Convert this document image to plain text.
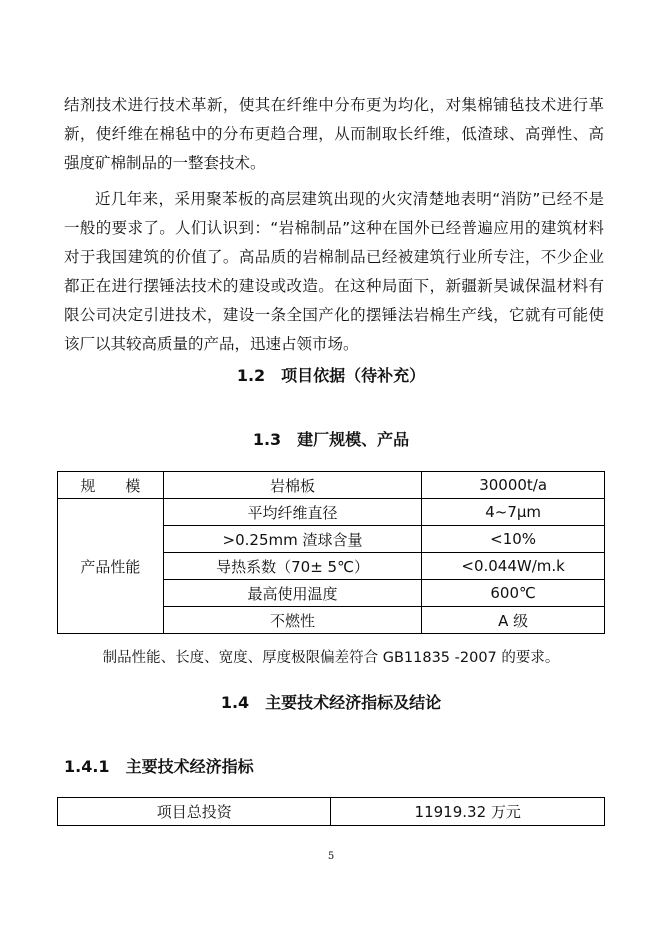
结剂技术进行技术革新，使其在纤维中分布更为均化，对集棉铺毡技术进行革新，使纤维在棉毡中的分布更趋合理，从而制取长纤维，低渣球、高弹性、高强度矿棉制品的一整套技术。

近几年来，采用聚苯板的高层建筑出现的火灾清楚地表明“消防”已经不是一般的要求了。人们认识到：“岩棉制品”这种在国外已经普遍应用的建筑材料对于我国建筑的价值了。高品质的岩棉制品已经被建筑行业所专注，不少企业都正在进行摆锤法技术的建设或改造。在这种局面下，新疆新昊诚保温材料有限公司决定引进技术，建设一条全国产化的摆锤法岩棉生产线，它就有可能使该厂以其较高质量的产品，迅速占领市场。

1.2 项目依据（待补充）
1.3 建厂规模、产品
规　　模	岩棉板	30000t/a
产品性能	平均纤维直径	4~7μm
	>0.25mm 渣球含量	<10%
	导热系数（70± 5℃）	<0.044W/m.k
	最高使用温度	600℃
	不燃性	A 级

制品性能、长度、宽度、厚度极限偏差符合 GB11835 -2007 的要求。

1.4 主要技术经济指标及结论
1.4.1 主要技术经济指标
项目总投资	11919.32 万元

5
